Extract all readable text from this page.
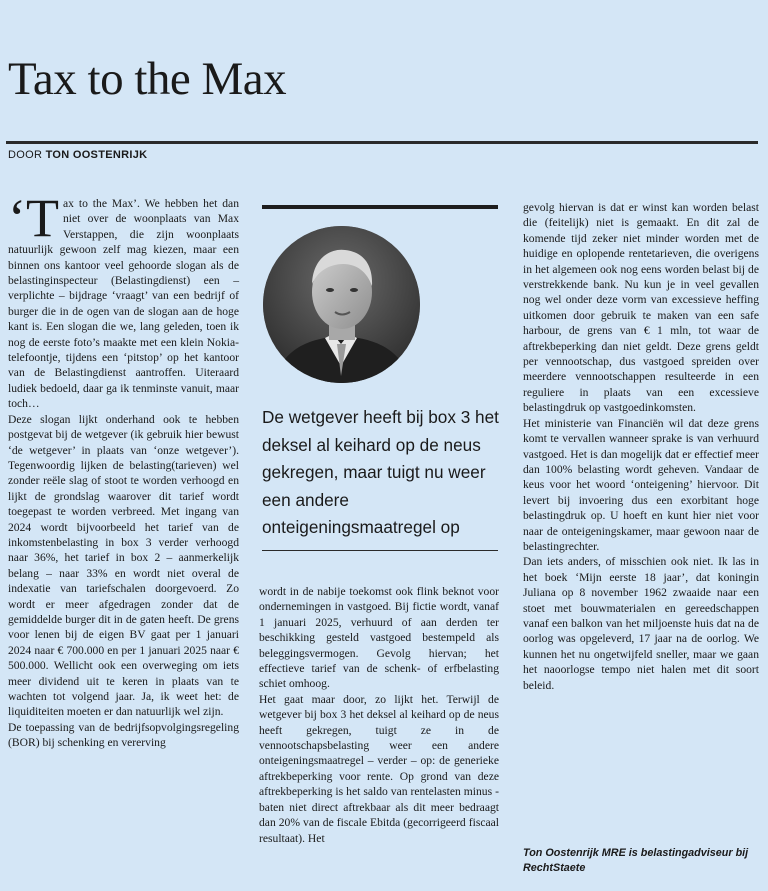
Tax to the Max
DOOR TON OOSTENRIJK

‘Tax to the Max’. We hebben het dan niet over de woonplaats van Max Verstappen, die zijn woonplaats natuurlijk gewoon zelf mag kiezen, maar een binnen ons kantoor veel gehoorde slogan als de belastinginspecteur (Belastingdienst) een – verplichte – bijdrage ‘vraagt’ van een bedrijf of burger die in de ogen van de slogan aan de hoge kant is. Een slogan die we, lang geleden, toen ik nog de eerste foto’s maakte met een klein Nokia-telefoontje, tijdens een ‘pitstop’ op het kantoor van de Belastingdienst aantroffen. Uiteraard ludiek bedoeld, daar ga ik tenminste vanuit, maar toch…

Deze slogan lijkt onderhand ook te hebben postgevat bij de wetgever (ik gebruik hier bewust ‘de wetgever’ in plaats van ‘onze wetgever’). Tegenwoordig lijken de belasting(tarieven) wel zonder reële slag of stoot te worden verhoogd en lijkt de grondslag waarover dit tarief wordt toegepast te worden verbreed. Met ingang van 2024 wordt bijvoorbeeld het tarief van de inkomstenbelasting in box 3 verder verhoogd naar 36%, het tarief in box 2 – aanmerkelijk belang – naar 33% en wordt niet overal de indexatie van tariefschalen doorgevoerd. Zo wordt er meer afgedragen zonder dat de gemiddelde burger dit in de gaten heeft. De grens voor lenen bij de eigen BV gaat per 1 januari 2024 naar € 700.000 en per 1 januari 2025 naar € 500.000. Wellicht ook een overweging om iets meer dividend uit te keren in plaats van te wachten tot volgend jaar. Ja, ik weet het: de liquiditeiten moeten er dan natuurlijk wel zijn.

De toepassing van de bedrijfsopvolgingsregeling (BOR) bij schenking en vererving

De wetgever heeft bij box 3 het deksel al keihard op de neus gekregen, maar tuigt nu weer een andere onteigeningsmaatregel op

wordt in de nabije toekomst ook flink beknot voor ondernemingen in vastgoed. Bij fictie wordt, vanaf 1 januari 2025, verhuurd of aan derden ter beschikking gesteld vastgoed bestempeld als beleggingsvermogen. Gevolg hiervan; het effectieve tarief van de schenk- of erfbelasting schiet omhoog.

Het gaat maar door, zo lijkt het. Terwijl de wetgever bij box 3 het deksel al keihard op de neus heeft gekregen, tuigt ze in de vennootschapsbelasting weer een andere onteigeningsmaatregel – verder – op: de generieke aftrekbeperking voor rente. Op grond van deze aftrekbeperking is het saldo van rentelasten minus -baten niet direct aftrekbaar als dit meer bedraagt dan 20% van de fiscale Ebitda (gecorrigeerd fiscaal resultaat). Het

gevolg hiervan is dat er winst kan worden belast die (feitelijk) niet is gemaakt. En dit zal de komende tijd zeker niet minder worden met de huidige en oplopende rentetarieven, die overigens in het algemeen ook nog eens worden belast bij de verstrekkende bank. Nu kun je in veel gevallen nog wel onder deze vorm van excessieve heffing uitkomen door gebruik te maken van een safe harbour, de grens van € 1 mln, tot waar de aftrekbeperking dan niet geldt. Deze grens geldt per vennootschap, dus vastgoed spreiden over meerdere vennootschappen resulteerde in een reguliere in plaats van een excessieve belastingdruk op vastgoedinkomsten.

Het ministerie van Financiën wil dat deze grens komt te vervallen wanneer sprake is van verhuurd vastgoed. Het is dan mogelijk dat er effectief meer dan 100% belasting wordt geheven. Vandaar de keus voor het woord ‘onteigening’ hiervoor. Dit levert bij invoering dus een exorbitant hoge belastingdruk op. U hoeft en kunt hier niet voor naar de onteigeningskamer, maar gewoon naar de belastingrechter.

Dan iets anders, of misschien ook niet. Ik las in het boek ‘Mijn eerste 18 jaar’, dat koningin Juliana op 8 november 1962 zwaaide naar een stoet met bouwmaterialen en gereedschappen vanaf een balkon van het miljoenste huis dat na de oorlog was opgeleverd, 17 jaar na de oorlog. We kunnen het nu ongetwijfeld sneller, maar we gaan het naoorlogse tempo niet halen met dit soort beleid.

Ton Oostenrijk MRE is belastingadviseur bij RechtStaete
